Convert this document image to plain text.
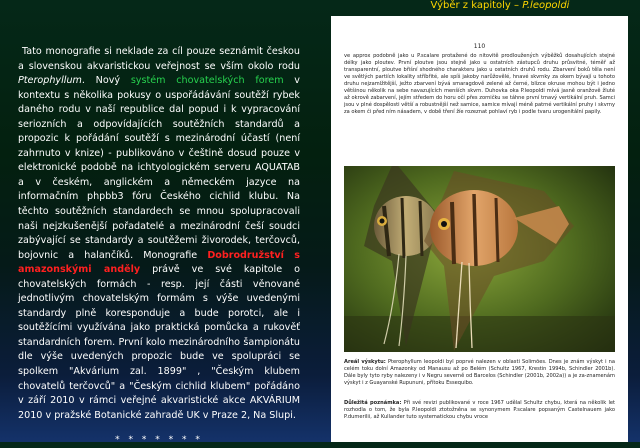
Výběr z kapitoly – P.leopoldi

Tato monografie si neklade za cíl pouze seznámit českou a slovenskou akvaristickou veřejnost se vším okolo rodu Pterophyllum. Nový systém chovatelských forem v kontextu s několika pokusy o uspořádávání soutěží rybek daného rodu v naší republice dal popud i k vypracování seriozních a odpovídajících soutěžních standardů a propozic k pořádání soutěží s mezinárodní účastí (není zahrnuto v knize) - publikováno v češtině dosud pouze v elektronické podobě na ichtyologickém serveru AQUATAB a v českém, anglickém a německém jazyce na informačním phpbb3 fóru Českého cichlid klubu. Na těchto soutěžních standardech se mnou spolupracovali naši nejzkušenější pořadatelé a mezinárodní češí soudci zabývající se standardy a soutěžemi živorodek, terčovců, bojovnic a halančíků. Monografie Dobrodružství s amazonskými anděly právě ve své kapitole o chovatelských formách - resp. její části věnované jednotlivým chovatelským formám s výše uvedenými standardy plně koresponduje a bude porotci, ale i soutěžícími využívána jako praktická pomůcka a rukověť standardních forem. První kolo mezinárodního šampionátu dle výše uvedených propozic bude ve spolupráci se spolkem "Akvárium zal. 1899" , "Českým klubem chovatelů terčovců" a "Českým cichlid klubem" pořádáno v září 2010 v rámci veřejné akvaristické akce AKVÁRIUM 2010 v pražské Botanické zahradě UK v Praze 2, Na Slupi.

* * * * * * *
110
ve approx podobně jako u P.scalare protažené do nitovitě prodloužených výběžků dosahujících stejné délky jako ploutev. První ploutve jsou stejně jako u ostatních zástupců druhu průsvitné, téměř až transparentní, ploutve břišní shodného charakteru jako u ostatních druhů rodu. Zbarvení boků těla není ve světlých partiích lokality stříbřité, ale spíš jakoby narůžovělé, hnavé skvrnky za okem bývají u tohoto druhu nejzamlžitější, ježto zbarvení bývá smaragdově zelené až černé, blízce okruse mohou být i jedno většinou několik na sebe navazujících menších skvrn. Duhovka oka P.leopoldi mívá jasně oranžově žluté až okrově zabarvení, jejím středem do horu očí přes zorničku se táhne první tmavý vertikální pruh. Samci jsou v plné dospělosti větší a robustnější než samice, samice mívají méně patrné vertikální pruhy i skvrny za okem či před ním násadem, v době tření žíe rozeznat pohlaví ryb i podle tvaru urogenitální papily.
Areál výskytu: Pterophyllum leopoldi byl poprvé nalezen v oblasti Solimões. Dnes je znám výskyt i na celém toku dolní Amazonky od Manausu až po Belém (Schultz 1967, Krestin 1994b, Schindler 2001b). Dále byly tyto ryby nalezeny i v Negru severně od Barcelos (Schindler (2001b, 2002a)) a je za-znamenám výskyt i z Guayanské Rupununi, přítoku Essequibo.
Důležitá poznámka: Při své revizi publikované v roce 1967 udělal Schultz chybu, která na několik let rozhodla o tom, že byla P.leopoldi ztotožněna se synonymem P.scalare popsaným Castelnauem jako P.dumerilii, až Kullander tuto systematickou chybu vroce
